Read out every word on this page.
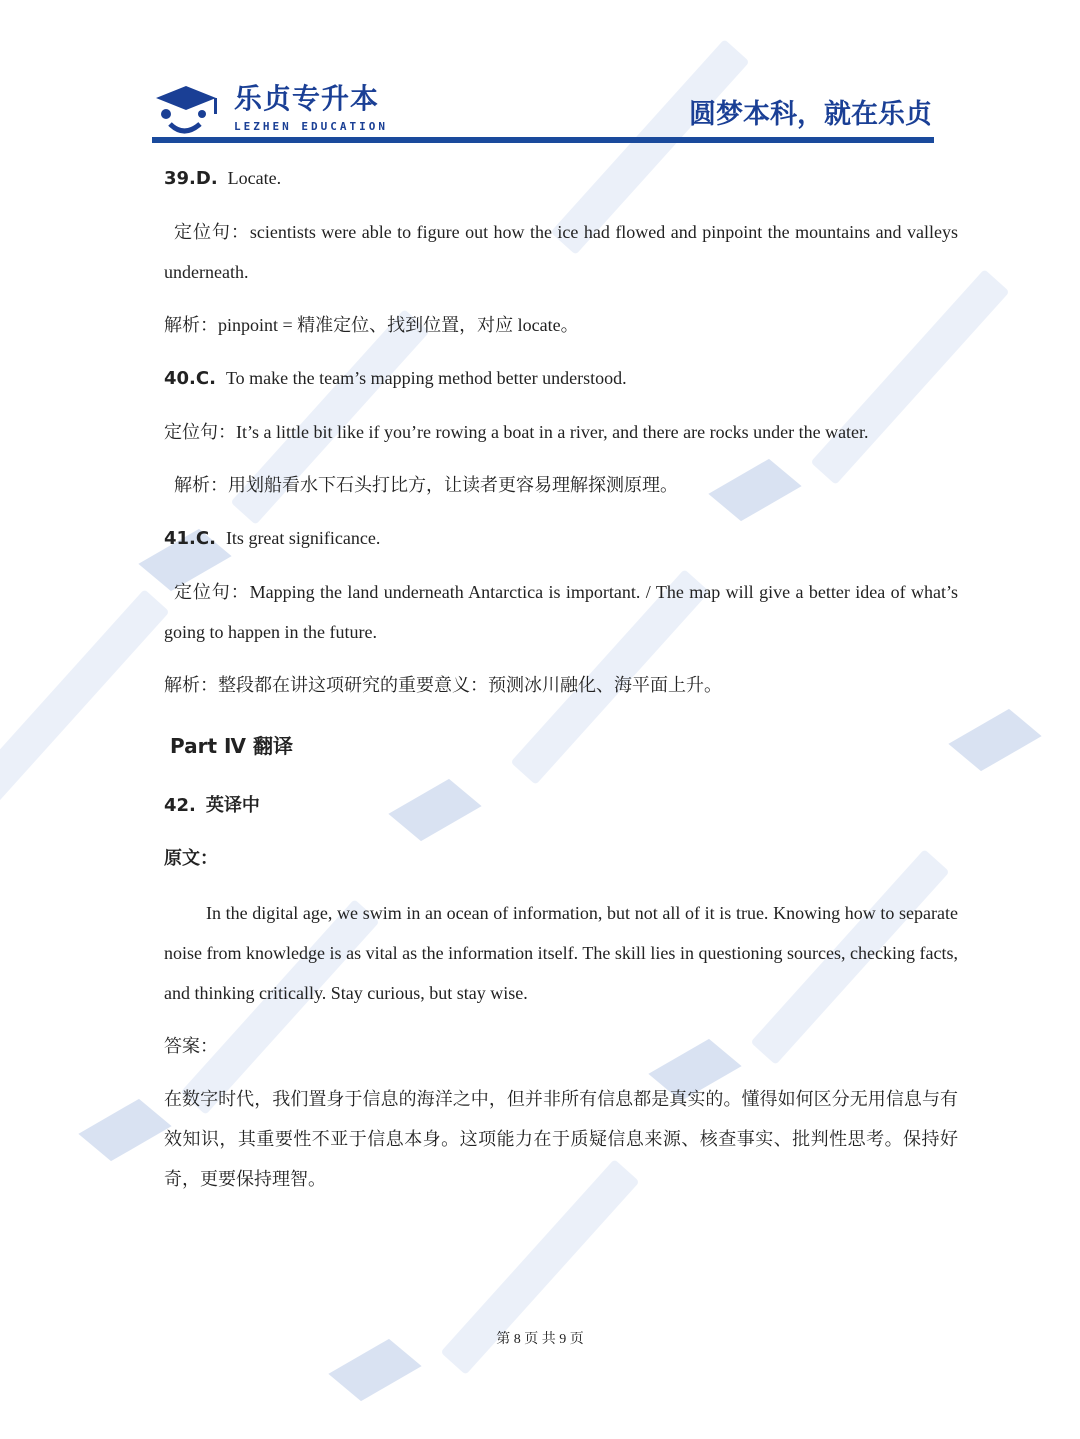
乐贞专升本
LEZHEN EDUCATION	圆梦本科，就在乐贞
39.D. Locate.
定位句：scientists were able to figure out how the ice had flowed and pinpoint the mountains and valleys underneath.
解析：pinpoint = 精准定位、找到位置，对应 locate。
40.C. To make the team’s mapping method better understood.
定位句：It’s a little bit like if you’re rowing a boat in a river, and there are rocks under the water.
解析：用划船看水下石头打比方，让读者更容易理解探测原理。
41.C. Its great significance.
定位句：Mapping the land underneath Antarctica is important. / The map will give a better idea of what’s going to happen in the future.
解析：整段都在讲这项研究的重要意义：预测冰川融化、海平面上升。
Part Ⅳ 翻译
42. 英译中
原文：
In the digital age, we swim in an ocean of information, but not all of it is true. Knowing how to separate noise from knowledge is as vital as the information itself. The skill lies in questioning sources, checking facts, and thinking critically. Stay curious, but stay wise.
答案：
在数字时代，我们置身于信息的海洋之中，但并非所有信息都是真实的。懂得如何区分无用信息与有效知识，其重要性不亚于信息本身。这项能力在于质疑信息来源、核查事实、批判性思考。保持好奇，更要保持理智。
第 8 页 共 9 页
